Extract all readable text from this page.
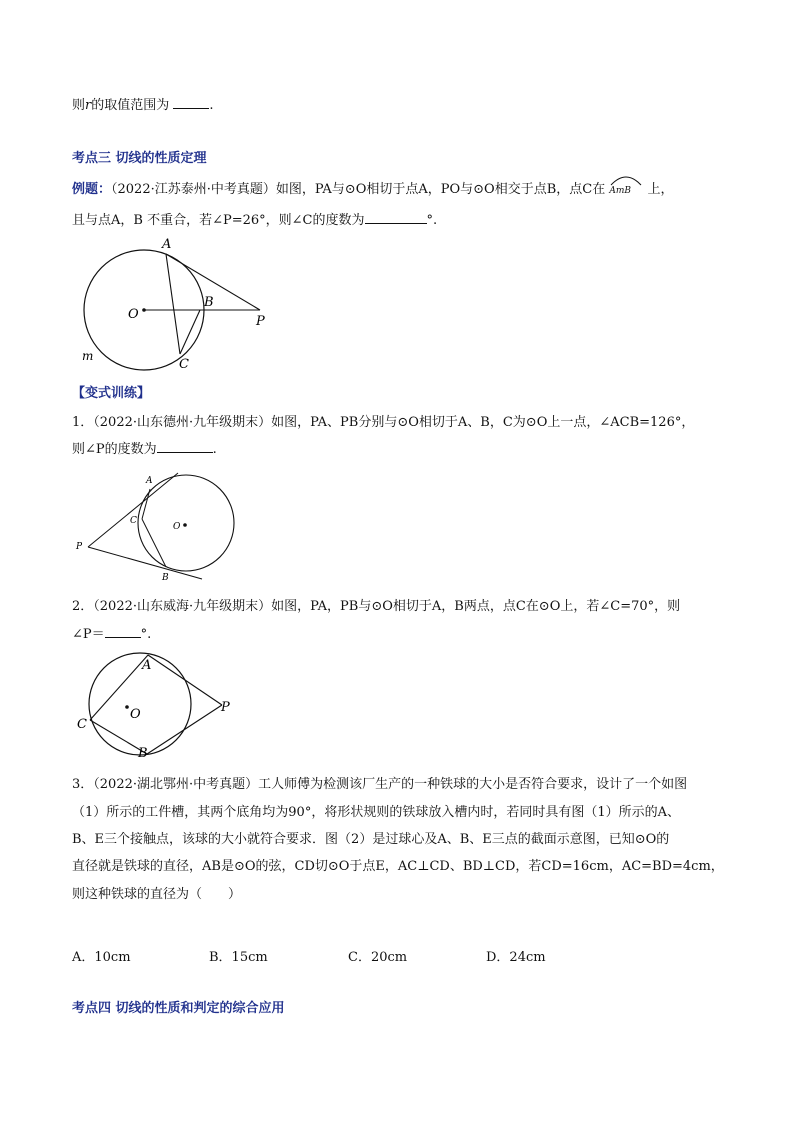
则r的取值范围为	.
考点三 切线的性质定理
例题：（2022·江苏泰州·中考真题）如图，PA与⊙O相切于点A，PO与⊙O相交于点B，点C在 AmB 上，
且与点A，B 不重合，若∠P=26°，则∠C的度数为	°.
A
B
O	P
C
m
【变式训练】
1．（2022·山东德州·九年级期末）如图，PA、PB分别与⊙O相切于A、B，C为⊙O上一点，∠ACB=126°，
则∠P的度数为	.
A
C
O
P
B
2．（2022·山东威海·九年级期末）如图，PA，PB与⊙O相切于A，B两点，点C在⊙O上，若∠C=70°，则
∠P＝	°.
A
C
O	P
B
3．（2022·湖北鄂州·中考真题）工人师傅为检测该厂生产的一种铁球的大小是否符合要求，设计了一个如图
（1）所示的工件槽，其两个底角均为90°，将形状规则的铁球放入槽内时，若同时具有图（1）所示的A、
B、E三个接触点，该球的大小就符合要求．图（2）是过球心及A、B、E三点的截面示意图，已知⊙O的
直径就是铁球的直径，AB是⊙O的弦，CD切⊙O于点E，AC⊥CD、BD⊥CD，若CD=16cm，AC=BD=4cm，
则这种铁球的直径为（　　）
A．10cm	B．15cm	C．20cm	D．24cm
考点四 切线的性质和判定的综合应用
